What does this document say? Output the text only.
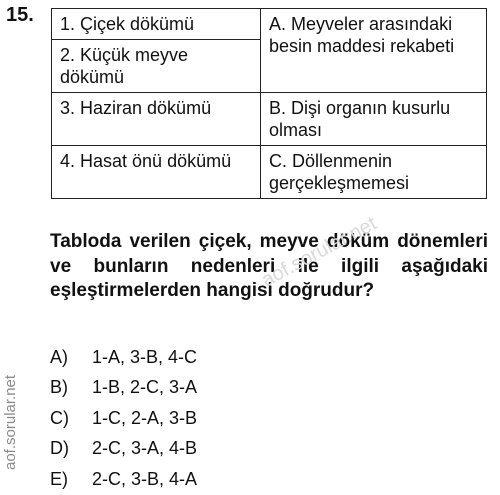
15. 1. Çiçek dökümü	A. Meyveler arasındaki besin maddesi rekabeti
2. Küçük meyve dökümü	
3. Haziran dökümü	B. Dişi organın kusurlu olması
4. Hasat önü dökümü	C. Döllenmenin gerçekleşmemesi
Tabloda verilen çiçek, meyve döküm dönemleri ve bunların nedenleri ile ilgili aşağıdaki eşleştirmelerden hangisi doğrudur?
aof.sorular.net
A)	1-A, 3-B, 4-C
B)	1-B, 2-C, 3-A
C)	1-C, 2-A, 3-B
D)	2-C, 3-A, 4-B
E)	2-C, 3-B, 4-A
aof.sorular.net
